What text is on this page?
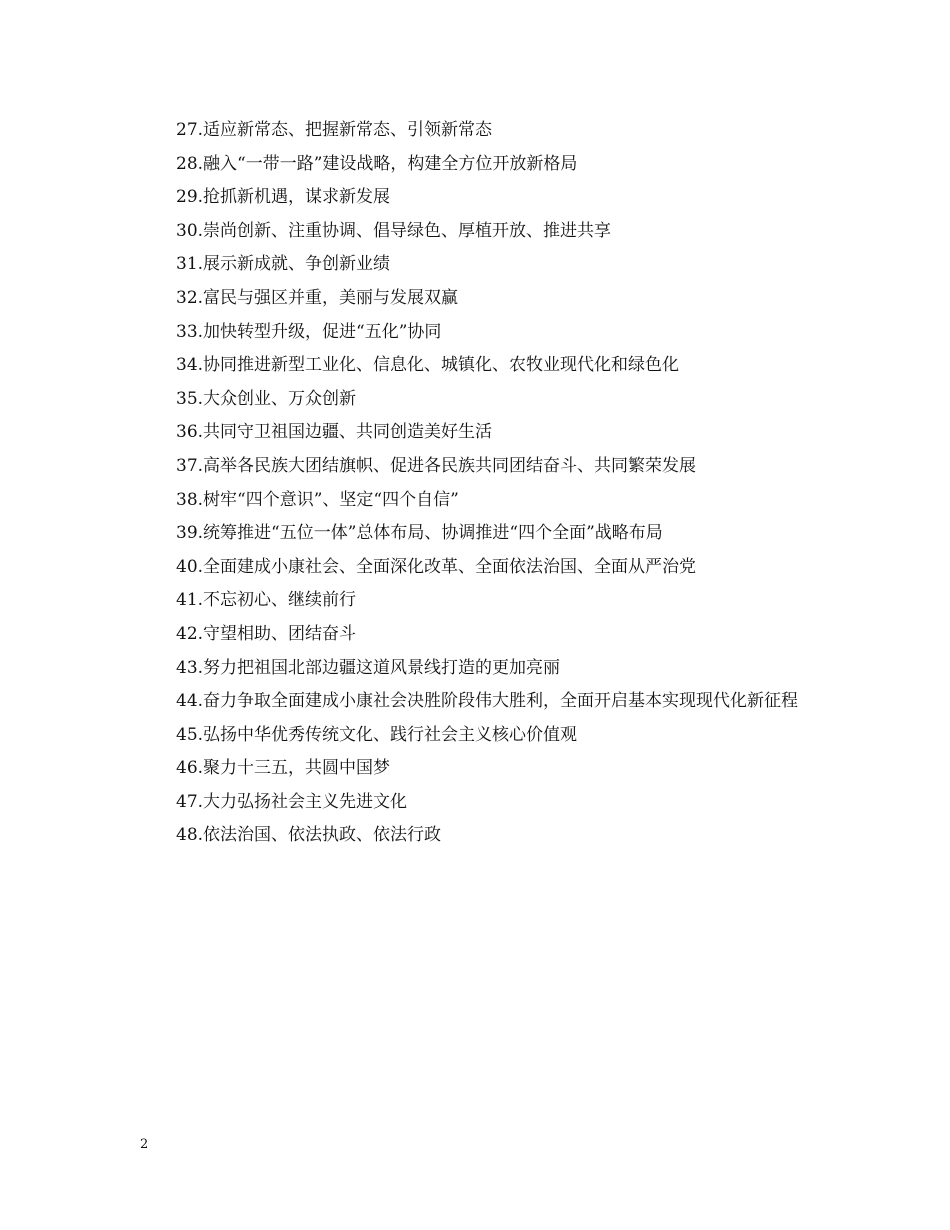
27.适应新常态、把握新常态、引领新常态
28.融入“一带一路”建设战略，构建全方位开放新格局
29.抢抓新机遇，谋求新发展
30.崇尚创新、注重协调、倡导绿色、厚植开放、推进共享
31.展示新成就、争创新业绩
32.富民与强区并重，美丽与发展双赢
33.加快转型升级，促进“五化”协同
34.协同推进新型工业化、信息化、城镇化、农牧业现代化和绿色化
35.大众创业、万众创新
36.共同守卫祖国边疆、共同创造美好生活
37.高举各民族大团结旗帜、促进各民族共同团结奋斗、共同繁荣发展
38.树牢“四个意识”、坚定“四个自信”
39.统筹推进“五位一体”总体布局、协调推进“四个全面”战略布局
40.全面建成小康社会、全面深化改革、全面依法治国、全面从严治党
41.不忘初心、继续前行
42.守望相助、团结奋斗
43.努力把祖国北部边疆这道风景线打造的更加亮丽
44.奋力争取全面建成小康社会决胜阶段伟大胜利，全面开启基本实现现代化新征程
45.弘扬中华优秀传统文化、践行社会主义核心价值观
46.聚力十三五，共圆中国梦
47.大力弘扬社会主义先进文化
48.依法治国、依法执政、依法行政
2
